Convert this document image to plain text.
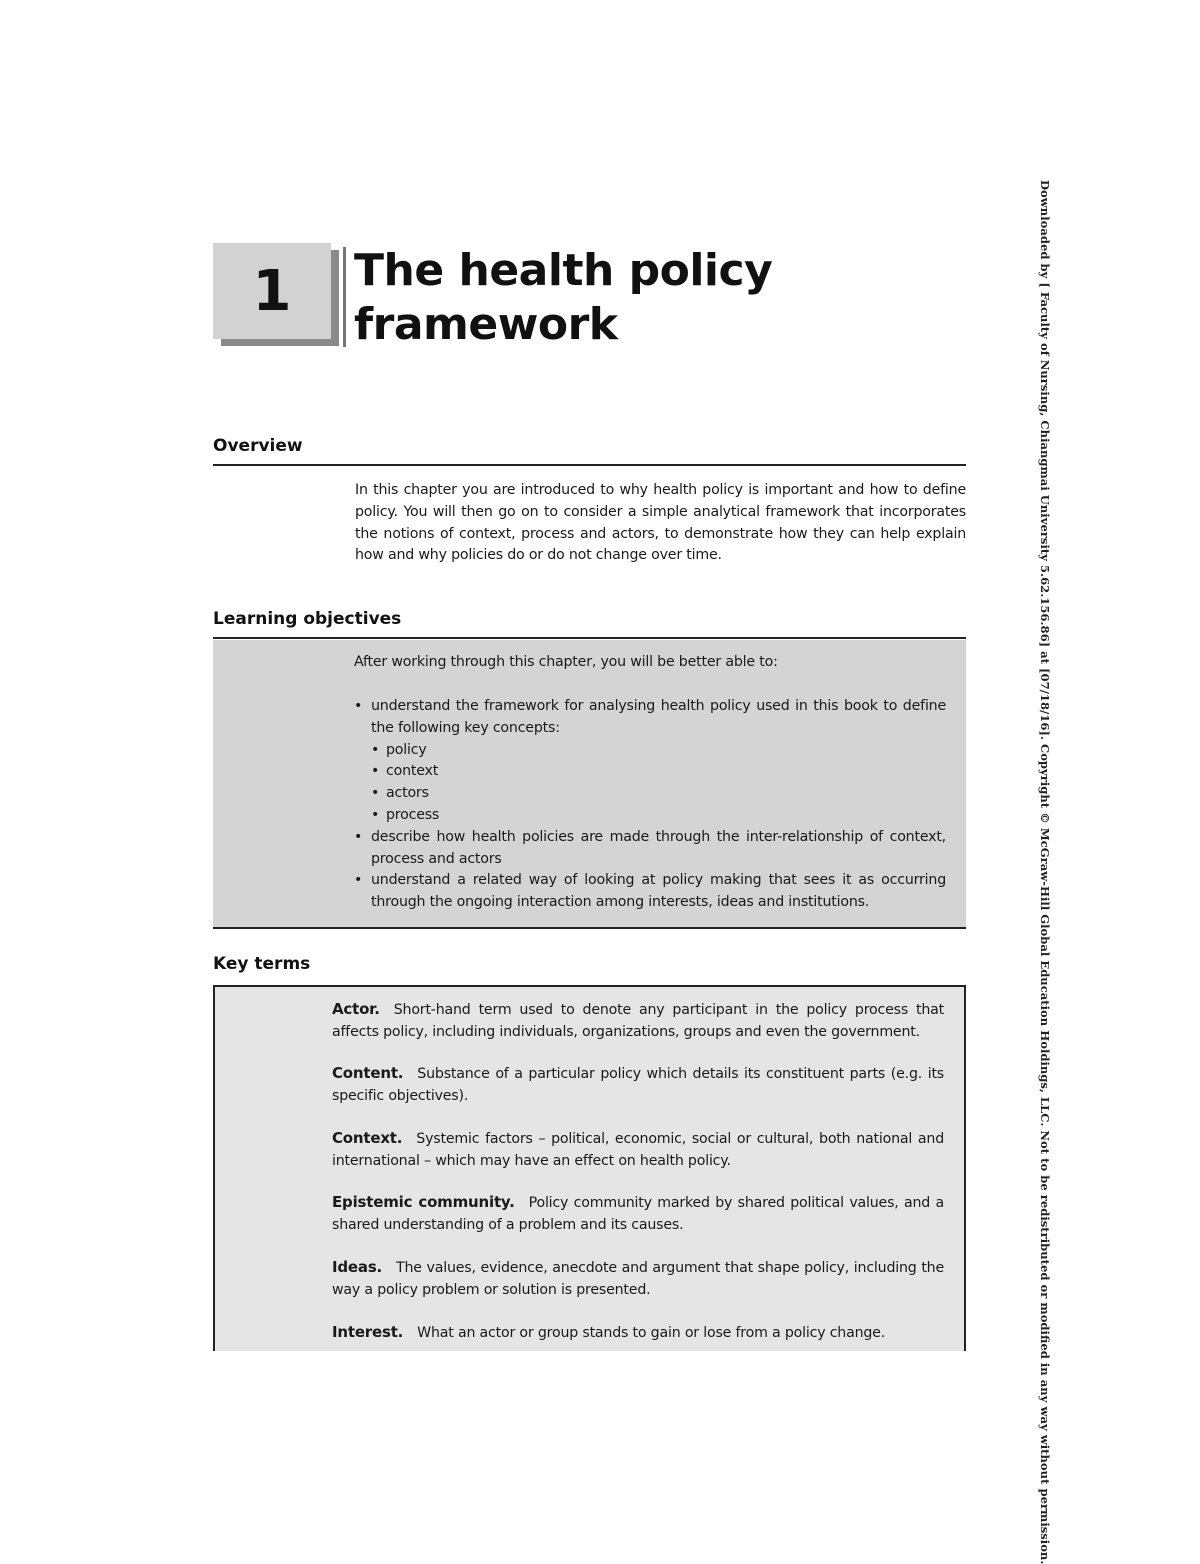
1	The health policy framework
Overview
In this chapter you are introduced to why health policy is important and how to define policy. You will then go on to consider a simple analytical framework that incorporates the notions of context, process and actors, to demonstrate how they can help explain how and why policies do or do not change over time.
Learning objectives
After working through this chapter, you will be better able to:
• understand the framework for analysing health policy used in this book to define the following key concepts:
• policy
• context
• actors
• process
• describe how health policies are made through the inter-relationship of context, process and actors
• understand a related way of looking at policy making that sees it as occurring through the ongoing interaction among interests, ideas and institutions.
Key terms
Actor. Short-hand term used to denote any participant in the policy process that affects policy, including individuals, organizations, groups and even the government.
Content. Substance of a particular policy which details its constituent parts (e.g. its specific objectives).
Context. Systemic factors – political, economic, social or cultural, both national and international – which may have an effect on health policy.
Epistemic community. Policy community marked by shared political values, and a shared understanding of a problem and its causes.
Ideas. The values, evidence, anecdote and argument that shape policy, including the way a policy problem or solution is presented.
Interest. What an actor or group stands to gain or lose from a policy change.	Downloaded by [ Faculty of Nursing, Chiangmai University 5.62.156.86] at [07/18/16]. Copyright © McGraw-Hill Global Education Holdings, LLC. Not to be redistributed or modified in any way without permission.
